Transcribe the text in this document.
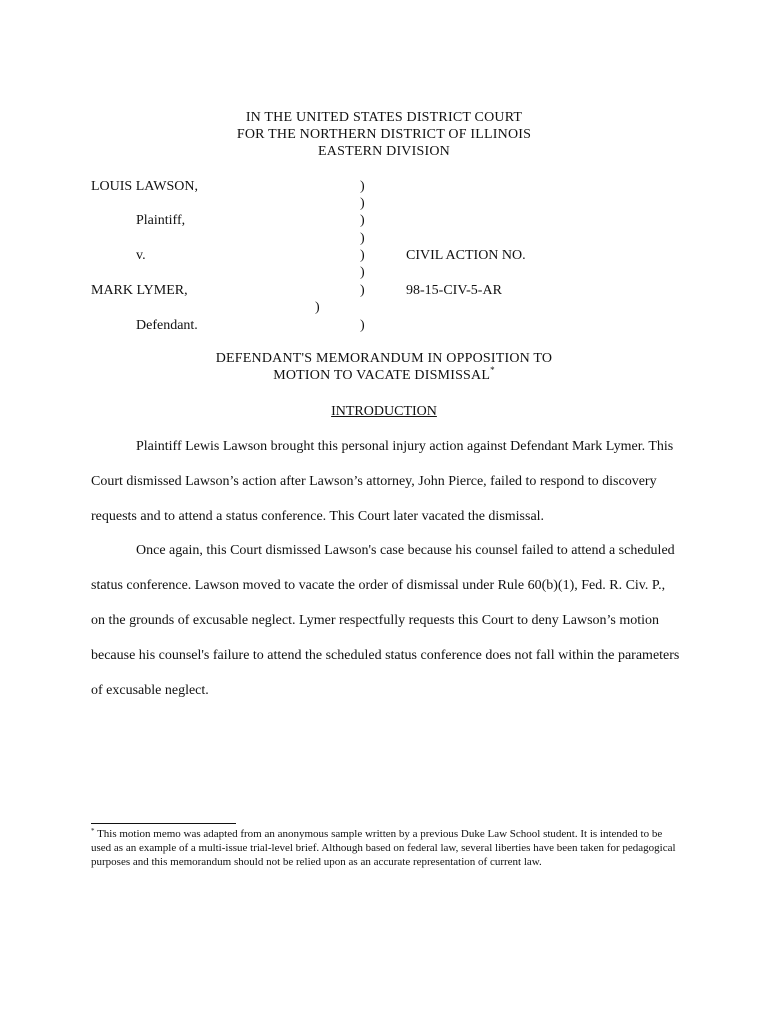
IN THE UNITED STATES DISTRICT COURT
FOR THE NORTHERN DISTRICT OF ILLINOIS
EASTERN DIVISION
LOUIS LAWSON,	)
)
Plaintiff,	)
)
v.	)	CIVIL ACTION NO.
)
MARK LYMER,	)	98-15-CIV-5-AR
)
Defendant.	)
DEFENDANT'S MEMORANDUM IN OPPOSITION TO
MOTION TO VACATE DISMISSAL*
INTRODUCTION

Plaintiff Lewis Lawson brought this personal injury action against Defendant Mark Lymer. This Court dismissed Lawson’s action after Lawson’s attorney, John Pierce, failed to respond to discovery requests and to attend a status conference. This Court later vacated the dismissal.

Once again, this Court dismissed Lawson's case because his counsel failed to attend a scheduled status conference. Lawson moved to vacate the order of dismissal under Rule 60(b)(1), Fed. R. Civ. P., on the grounds of excusable neglect. Lymer respectfully requests this Court to deny Lawson’s motion because his counsel's failure to attend the scheduled status conference does not fall within the parameters of excusable neglect.

* This motion memo was adapted from an anonymous sample written by a previous Duke Law School student. It is intended to be used as an example of a multi-issue trial-level brief. Although based on federal law, several liberties have been taken for pedagogical purposes and this memorandum should not be relied upon as an accurate representation of current law.
